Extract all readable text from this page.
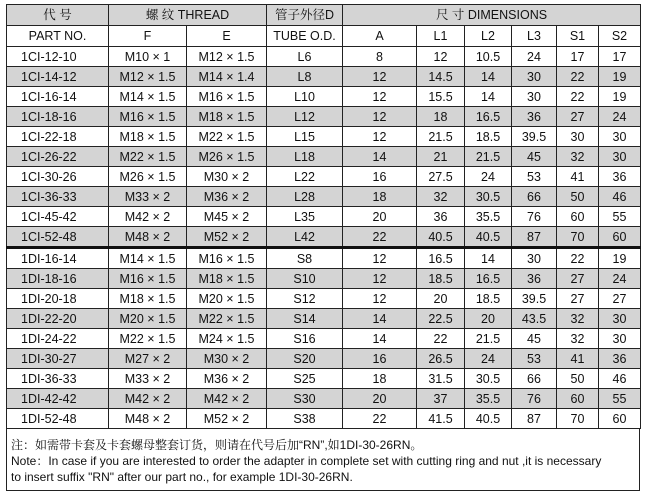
代 号	螺 纹 THREAD		管子外径D	尺 寸 DIMENSIONS					
PART NO.	F	E	TUBE O.D.	A	L1	L2	L3	S1	S2
1CI-12-10	M10 × 1	M12 × 1.5	L6	8	12	10.5	24	17	17
1CI-14-12	M12 × 1.5	M14 × 1.4	L8	12	14.5	14	30	22	19
1CI-16-14	M14 × 1.5	M16 × 1.5	L10	12	15.5	14	30	22	19
1CI-18-16	M16 × 1.5	M18 × 1.5	L12	12	18	16.5	36	27	24
1CI-22-18	M18 × 1.5	M22 × 1.5	L15	12	21.5	18.5	39.5	30	30
1CI-26-22	M22 × 1.5	M26 × 1.5	L18	14	21	21.5	45	32	30
1CI-30-26	M26 × 1.5	M30 × 2	L22	16	27.5	24	53	41	36
1CI-36-33	M33 × 2	M36 × 2	L28	18	32	30.5	66	50	46
1CI-45-42	M42 × 2	M45 × 2	L35	20	36	35.5	76	60	55
1CI-52-48	M48 × 2	M52 × 2	L42	22	40.5	40.5	87	70	60
1DI-16-14	M14 × 1.5	M16 × 1.5	S8	12	16.5	14	30	22	19
1DI-18-16	M16 × 1.5	M18 × 1.5	S10	12	18.5	16.5	36	27	24
1DI-20-18	M18 × 1.5	M20 × 1.5	S12	12	20	18.5	39.5	27	27
1DI-22-20	M20 × 1.5	M22 × 1.5	S14	14	22.5	20	43.5	32	30
1DI-24-22	M22 × 1.5	M24 × 1.5	S16	14	22	21.5	45	32	30
1DI-30-27	M27 × 2	M30 × 2	S20	16	26.5	24	53	41	36
1DI-36-33	M33 × 2	M36 × 2	S25	18	31.5	30.5	66	50	46
1DI-42-42	M42 × 2	M42 × 2	S30	20	37	35.5	76	60	55
1DI-52-48	M48 × 2	M52 × 2	S38	22	41.5	40.5	87	70	60
注：如需带卡套及卡套螺母整套订货，则请在代号后加“RN”,如1DI-30-26RN。
Note：In case if you are interested to order the adapter in complete set with cutting ring and nut ,it is necessary
to insert suffix "RN" after our part no., for example 1DI-30-26RN.
